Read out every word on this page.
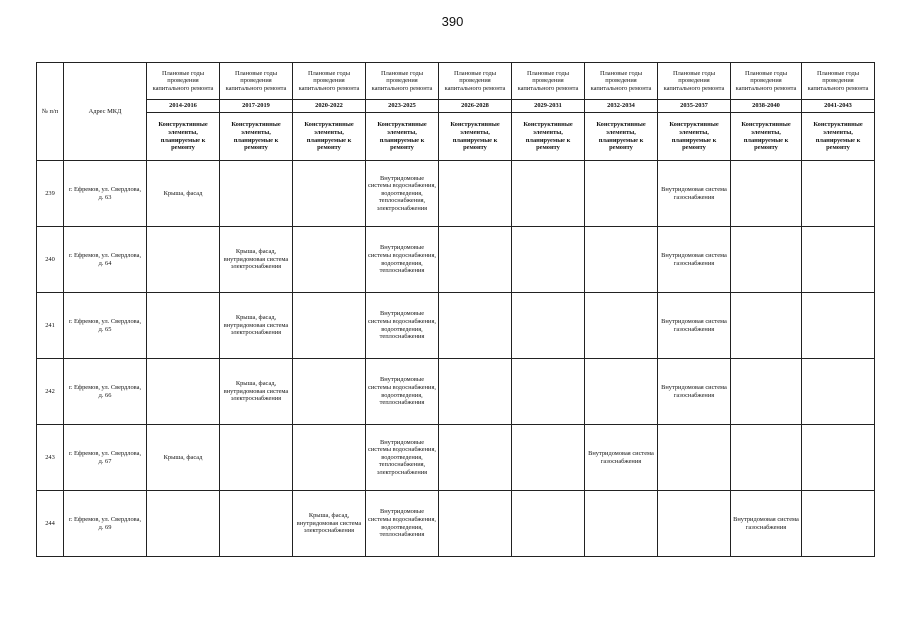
390
№ п/п	Адрес МКД	Плановые годы проведения капитального ремонта	Плановые годы проведения капитального ремонта	Плановые годы проведения капитального ремонта	Плановые годы проведения капитального ремонта	Плановые годы проведения капитального ремонта	Плановые годы проведения капитального ремонта	Плановые годы проведения капитального ремонта	Плановые годы проведения капитального ремонта	Плановые годы проведения капитального ремонта	Плановые годы проведения капитального ремонта
		2014-2016	2017-2019	2020-2022	2023-2025	2026-2028	2029-2031	2032-2034	2035-2037	2038-2040	2041-2043
		Конструктивные элементы, планируемые к ремонту	Конструктивные элементы, планируемые к ремонту	Конструктивные элементы, планируемые к ремонту	Конструктивные элементы, планируемые к ремонту	Конструктивные элементы, планируемые к ремонту	Конструктивные элементы, планируемые к ремонту	Конструктивные элементы, планируемые к ремонту	Конструктивные элементы, планируемые к ремонту	Конструктивные элементы, планируемые к ремонту	Конструктивные элементы, планируемые к ремонту
239	г. Ефремов, ул. Свердлова, д. 63	Крыша, фасад			Внутридомовые системы водоснабжения, водоотведения, теплоснабжения, электроснабжения				Внутридомовая система газоснабжения		
240	г. Ефремов, ул. Свердлова, д. 64		Крыша, фасад, внутридомовая система электроснабжения		Внутридомовые системы водоснабжения, водоотведения, теплоснабжения				Внутридомовая система газоснабжения		
241	г. Ефремов, ул. Свердлова, д. 65		Крыша, фасад, внутридомовая система электроснабжения		Внутридомовые системы водоснабжения, водоотведения, теплоснабжения				Внутридомовая система газоснабжения		
242	г. Ефремов, ул. Свердлова, д. 66		Крыша, фасад, внутридомовая система электроснабжения		Внутридомовые системы водоснабжения, водоотведения, теплоснабжения				Внутридомовая система газоснабжения		
243	г. Ефремов, ул. Свердлова, д. 67	Крыша, фасад			Внутридомовые системы водоснабжения, водоотведения, теплоснабжения, электроснабжения			Внутридомовая система газоснабжения			
244	г. Ефремов, ул. Свердлова, д. 69			Крыша, фасад, внутридомовая система электроснабжения	Внутридомовые системы водоснабжения, водоотведения, теплоснабжения					Внутридомовая система газоснабжения	
